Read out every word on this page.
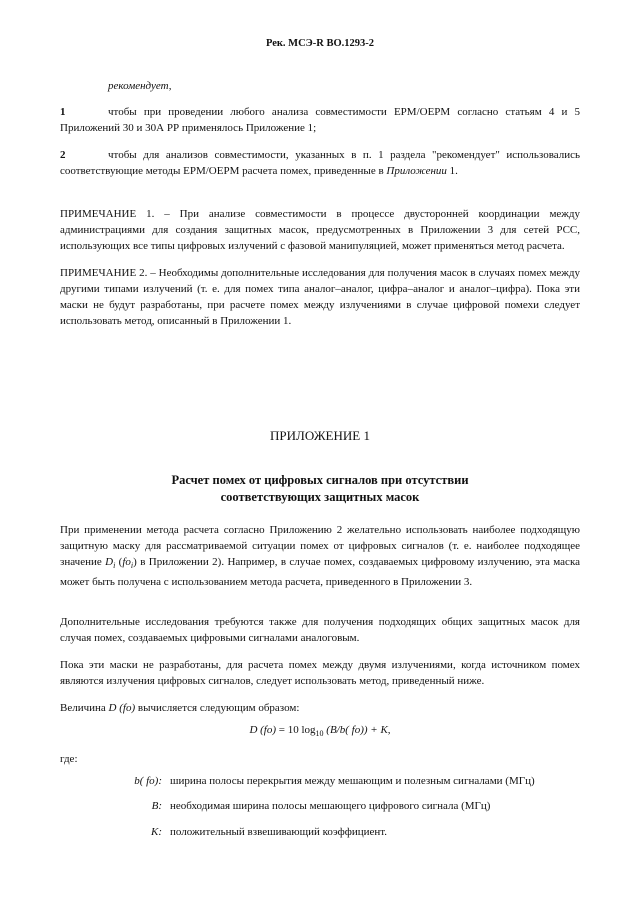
Рек. МСЭ-R BO.1293-2
рекомендует,
1	чтобы при проведении любого анализа совместимости ЕРМ/ОЕРМ согласно статьям 4 и 5 Приложений 30 и 30А РР применялось Приложение 1;
2	чтобы для анализов совместимости, указанных в п. 1 раздела "рекомендует" использовались соответствующие методы ЕРМ/ОЕРМ расчета помех, приведенные в Приложении 1.
ПРИМЕЧАНИЕ 1. – При анализе совместимости в процессе двусторонней координации между администрациями для создания защитных масок, предусмотренных в Приложении 3 для сетей РСС, использующих все типы цифровых излучений с фазовой манипуляцией, может применяться метод расчета.
ПРИМЕЧАНИЕ 2. – Необходимы дополнительные исследования для получения масок в случаях помех между другими типами излучений (т. е. для помех типа аналог–аналог, цифра–аналог и аналог–цифра). Пока эти маски не будут разработаны, при расчете помех между излучениями в случае цифровой помехи следует использовать метод, описанный в Приложении 1.
ПРИЛОЖЕНИЕ 1
Расчет помех от цифровых сигналов при отсутствии
соответствующих защитных масок
При применении метода расчета согласно Приложению 2 желательно использовать наиболее подходящую защитную маску для рассматриваемой ситуации помех от цифровых сигналов (т. е. наиболее подходящее значение $D_i$ $(fo_i)$ в Приложении 2). Например, в случае помех, создаваемых цифровому излучению, эта маска может быть получена с использованием метода расчета, приведенного в Приложении 3.
Дополнительные исследования требуются также для получения подходящих общих защитных масок для случая помех, создаваемых цифровыми сигналами аналоговым.
Пока эти маски не разработаны, для расчета помех между двумя излучениями, когда источником помех являются излучения цифровых сигналов, следует использовать метод, приведенный ниже.
Величина D (fo) вычисляется следующим образом:
D (fo) = 10 $\log_{10} (B/b$( fo)) + K,
где:
b( fo): ширина полосы перекрытия между мешающим и полезным сигналами (МГц)
B: необходимая ширина полосы мешающего цифрового сигнала (МГц)
K: положительный взвешивающий коэффициент.
